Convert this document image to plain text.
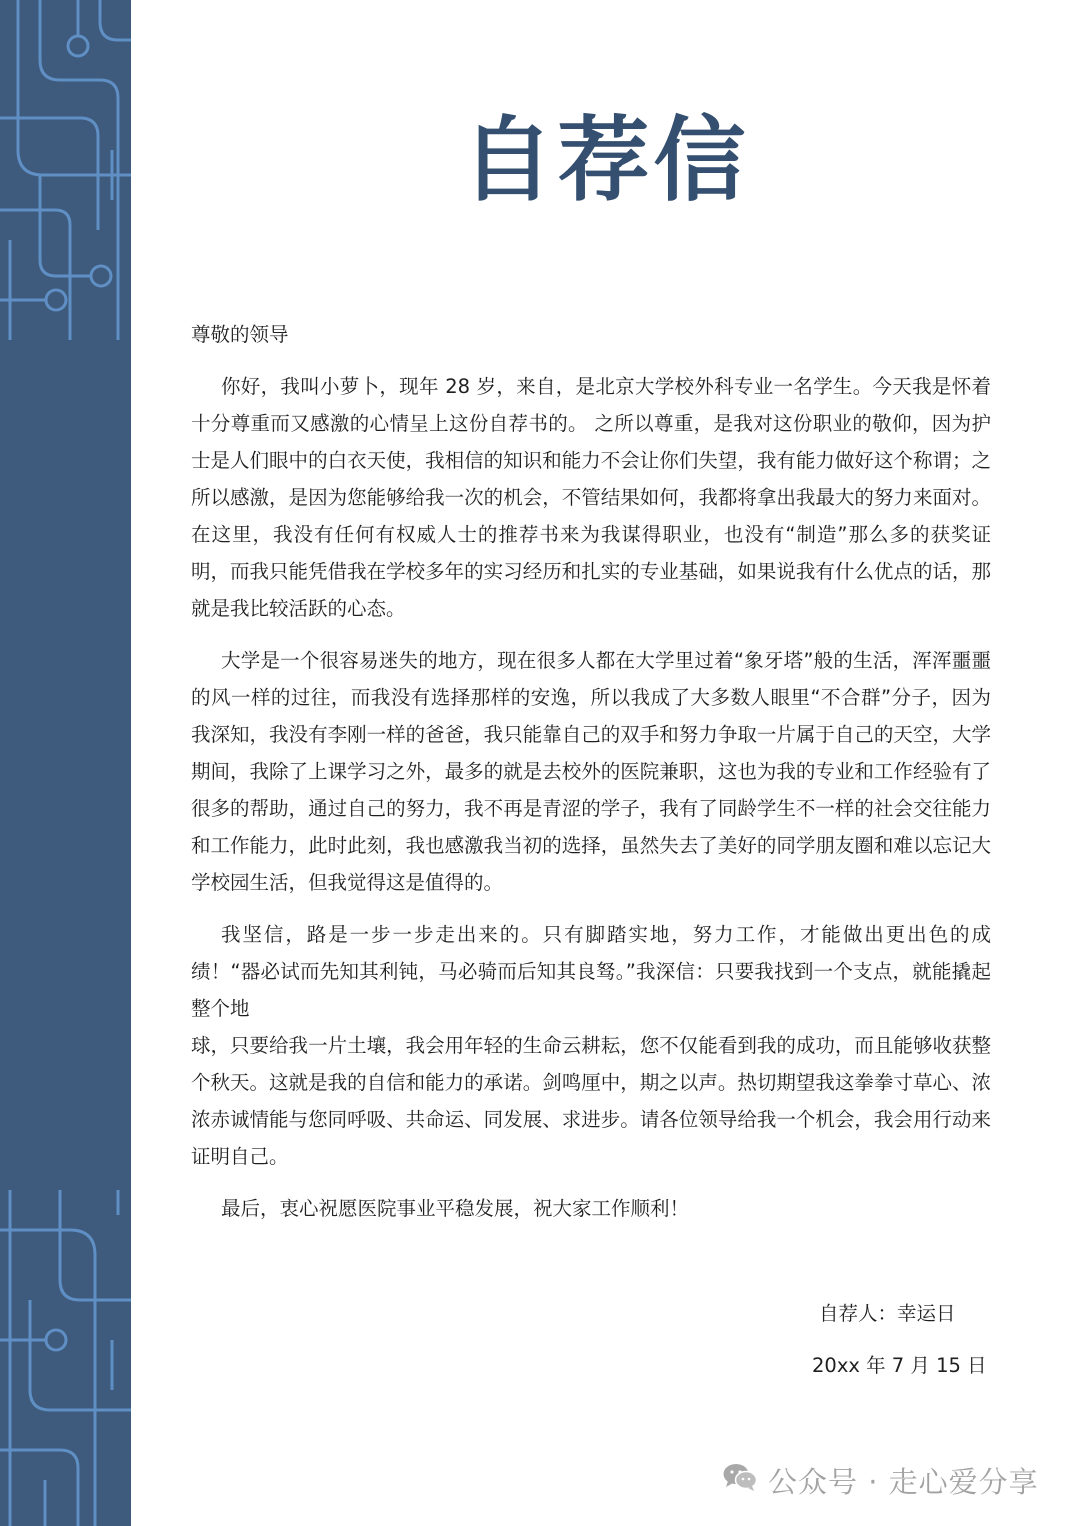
自荐信

尊敬的领导

你好，我叫小萝卜，现年 28 岁，来自，是北京大学校外科专业一名学生。今天我是怀着十分尊重而又感激的心情呈上这份自荐书的。 之所以尊重，是我对这份职业的敬仰，因为护士是人们眼中的白衣天使，我相信的知识和能力不会让你们失望，我有能力做好这个称谓；之所以感激，是因为您能够给我一次的机会，不管结果如何，我都将拿出我最大的努力来面对。在这里，我没有任何有权威人士的推荐书来为我谋得职业，也没有“制造”那么多的获奖证明，而我只能凭借我在学校多年的实习经历和扎实的专业基础，如果说我有什么优点的话，那就是我比较活跃的心态。

大学是一个很容易迷失的地方，现在很多人都在大学里过着“象牙塔”般的生活，浑浑噩噩的风一样的过往，而我没有选择那样的安逸，所以我成了大多数人眼里“不合群”分子，因为我深知，我没有李刚一样的爸爸，我只能靠自己的双手和努力争取一片属于自己的天空，大学期间，我除了上课学习之外，最多的就是去校外的医院兼职，这也为我的专业和工作经验有了很多的帮助，通过自己的努力，我不再是青涩的学子，我有了同龄学生不一样的社会交往能力和工作能力，此时此刻，我也感激我当初的选择，虽然失去了美好的同学朋友圈和难以忘记大学校园生活，但我觉得这是值得的。

我坚信，路是一步一步走出来的。只有脚踏实地，努力工作，才能做出更出色的成绩！“器必试而先知其利钝，马必骑而后知其良驽。”我深信：只要我找到一个支点，就能撬起整个地

球，只要给我一片土壤，我会用年轻的生命云耕耘，您不仅能看到我的成功，而且能够收获整个秋天。这就是我的自信和能力的承诺。剑鸣厘中，期之以声。热切期望我这拳拳寸草心、浓浓赤诚情能与您同呼吸、共命运、同发展、求进步。请各位领导给我一个机会，我会用行动来证明自己。

最后，衷心祝愿医院事业平稳发展，祝大家工作顺利！

自荐人：幸运日
20xx 年 7 月 15 日
公众号 · 走心爱分享
